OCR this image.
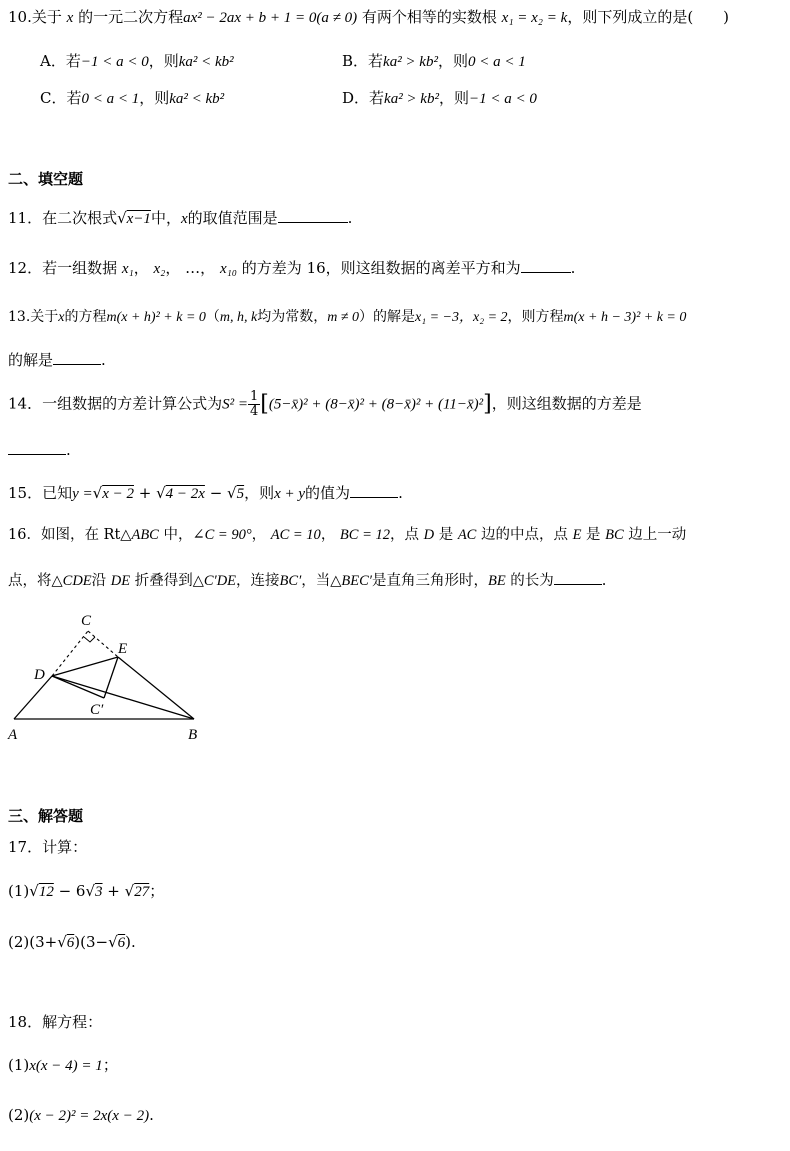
10.关于 x 的一元二次方程ax² − 2ax + b + 1 = 0(a ≠ 0) 有两个相等的实数根 x₁ = x₂ = k，则下列成立的是( )
A．若−1 < a < 0，则ka² < kb²	B．若ka² > kb²，则0 < a < 1
C．若0 < a < 1，则ka² < kb²	D．若ka² > kb²，则−1 < a < 0
二、填空题
11．在二次根式√x−1中，x的取值范围是	.
12．若一组数据 x₁， x₂， …， x₁₀ 的方差为 16，则这组数据的离差平方和为	.
13.关于x的方程m(x + h)² + k = 0（m, h, k均为常数，m ≠ 0）的解是x₁ = −3，x₂ = 2，则方程m(x + h − 3)² + k = 0
的解是	.
14．一组数据的方差计算公式为$S^2 = \frac{1}{4}$ [(5−x̄)² + (8−x̄)² + (8−x̄)² + (11−x̄)²]，则这组数据的方差是
.
15．已知y =√x − 2 + √4 − 2x − √5，则x + y的值为	.
16．如图，在 Rt△ABC 中，∠C = 90°， AC = 10， BC = 12，点 D 是 AC 边的中点，点 E 是 BC 边上一动
点，将△CDE沿 DE 折叠得到△C′DE，连接BC′，当△BEC′是直角三角形时，BE 的长为	.
C
E
D
C′
A	B
三、解答题
17．计算：
(1)√12 − 6√3 + √27；
(2)(3+√6)(3−√6).
18．解方程：
(1)x(x − 4) = 1；
(2)(x − 2)² = 2x(x − 2).
